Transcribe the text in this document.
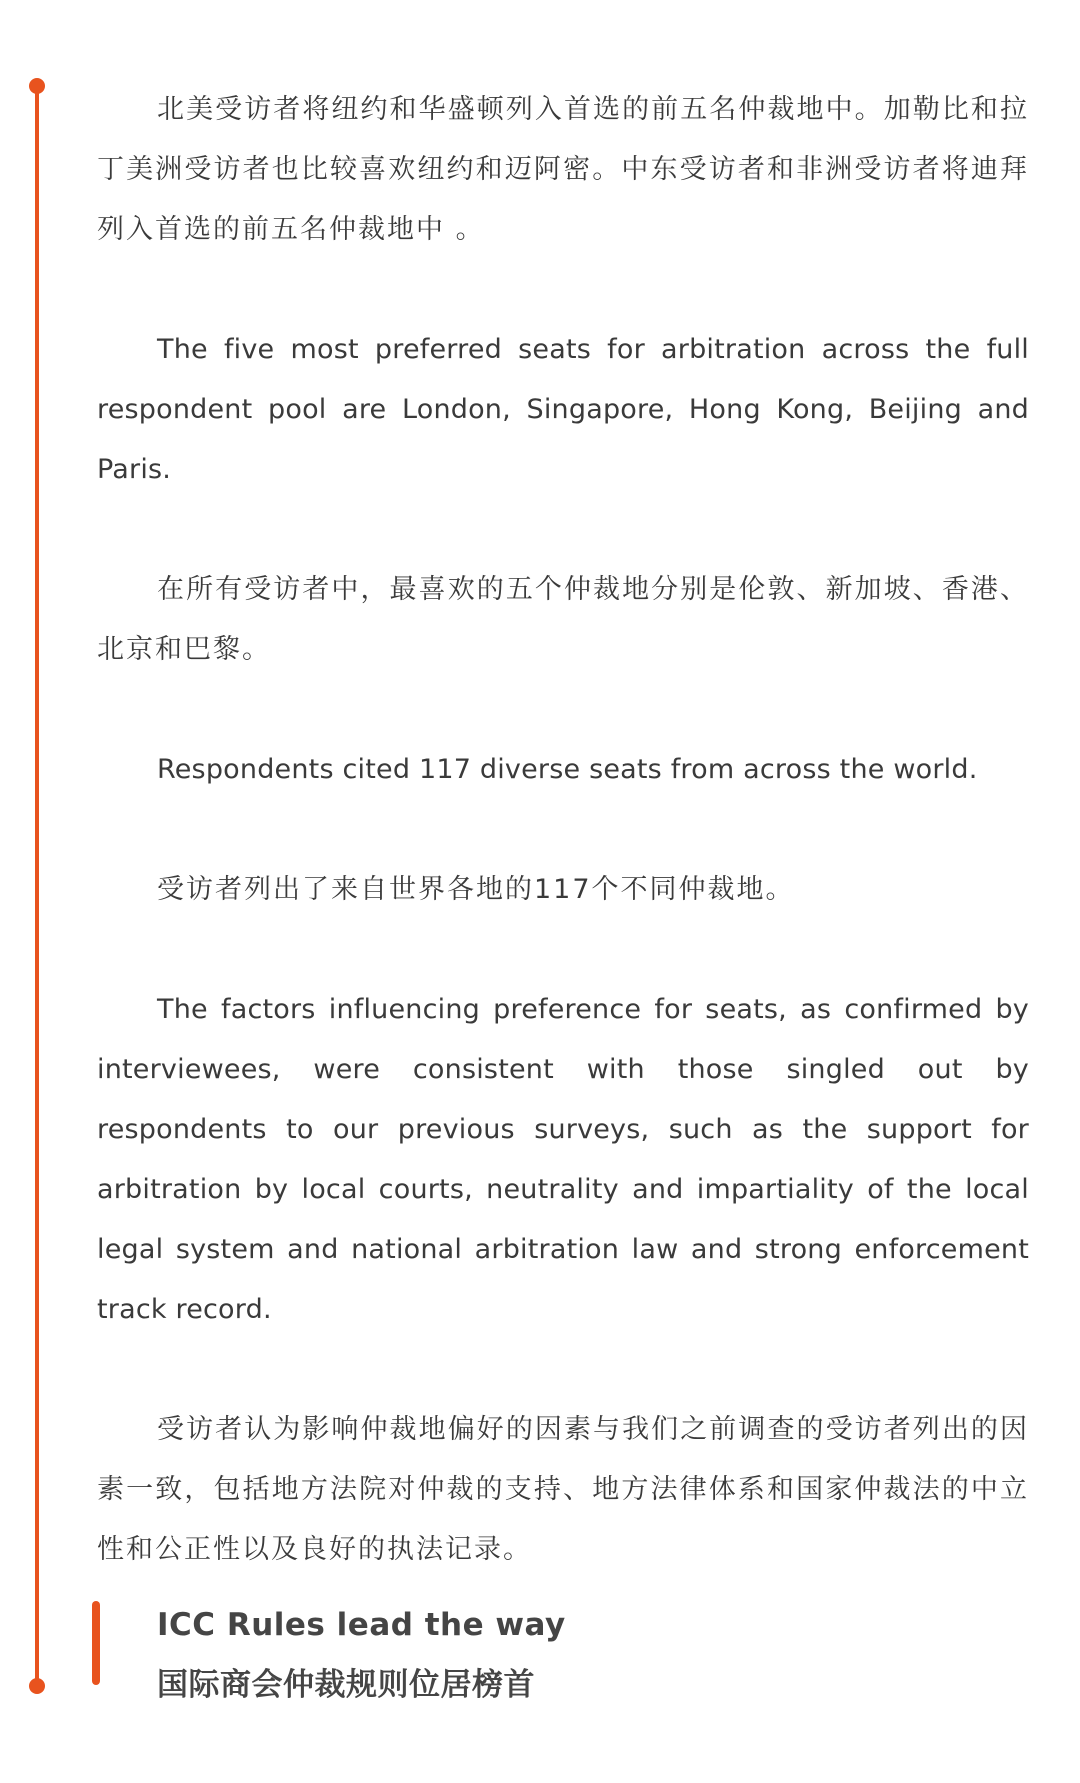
北美受访者将纽约和华盛顿列入首选的前五名仲裁地中。加勒比和拉丁美洲受访者也比较喜欢纽约和迈阿密。中东受访者和非洲受访者将迪拜列入首选的前五名仲裁地中 。

The five most preferred seats for arbitration across the full respondent pool are London, Singapore, Hong Kong, Beijing and Paris.

在所有受访者中，最喜欢的五个仲裁地分别是伦敦、新加坡、香港、北京和巴黎。

Respondents cited 117 diverse seats from across the world.

受访者列出了来自世界各地的117个不同仲裁地。

The factors influencing preference for seats, as confirmed by interviewees, were consistent with those singled out by respondents to our previous surveys, such as the support for arbitration by local courts, neutrality and impartiality of the local legal system and national arbitration law and strong enforcement track record.

受访者认为影响仲裁地偏好的因素与我们之前调查的受访者列出的因素一致，包括地方法院对仲裁的支持、地方法律体系和国家仲裁法的中立性和公正性以及良好的执法记录。

ICC Rules lead the way

国际商会仲裁规则位居榜首
